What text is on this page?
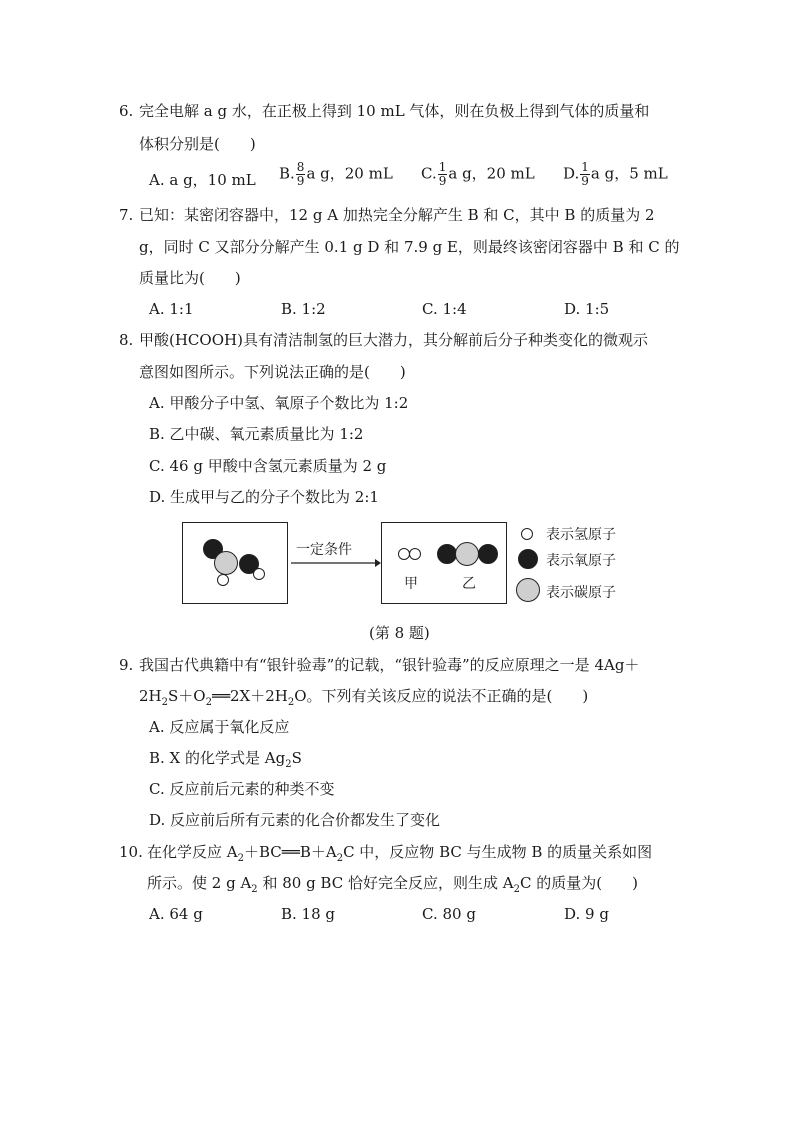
6. 完全电解 a g 水，在正极上得到 10 mL 气体，则在负极上得到气体的质量和
体积分别是(　　)
A. a g，10 mL B. $\frac{8}{9}$ a g，20 mL C. $\frac{1}{9}$ a g，20 mL D. $\frac{1}{9}$ a g，5 mL
7. 已知：某密闭容器中，12 g A 加热完全分解产生 B 和 C，其中 B 的质量为 2
g，同时 C 又部分分解产生 0.1 g D 和 7.9 g E，则最终该密闭容器中 B 和 C 的
质量比为(　　)
A. 1:1	B. 1:2	C. 1:4	D. 1:5
8. 甲酸(HCOOH)具有清洁制氢的巨大潜力，其分解前后分子种类变化的微观示
意图如图所示。下列说法正确的是(　　)
A. 甲酸分子中氢、氧原子个数比为 1:2
B. 乙中碳、氧元素质量比为 1:2
C. 46 g 甲酸中含氢元素质量为 2 g
D. 生成甲与乙的分子个数比为 2:1
一定条件
甲	乙
表示氢原子
表示氧原子
表示碳原子
(第 8 题)
9. 我国古代典籍中有“银针验毒”的记载，“银针验毒”的反应原理之一是 4Ag＋
$2H_2S+O_2══2X+2H_2O$。下列有关该反应的说法不正确的是(　　)
A. 反应属于氧化反应
B. X 的化学式是 $Ag_2S$
C. 反应前后元素的种类不变
D. 反应前后所有元素的化合价都发生了变化
10. 在化学反应 $A_2+BC══B+A_2C$ 中，反应物 BC 与生成物 B 的质量关系如图
所示。使 2 g $A_2$ 和 80 g BC 恰好完全反应，则生成 $A_2C$ 的质量为(　　)
A. 64 g	B. 18 g	C. 80 g	D. 9 g
